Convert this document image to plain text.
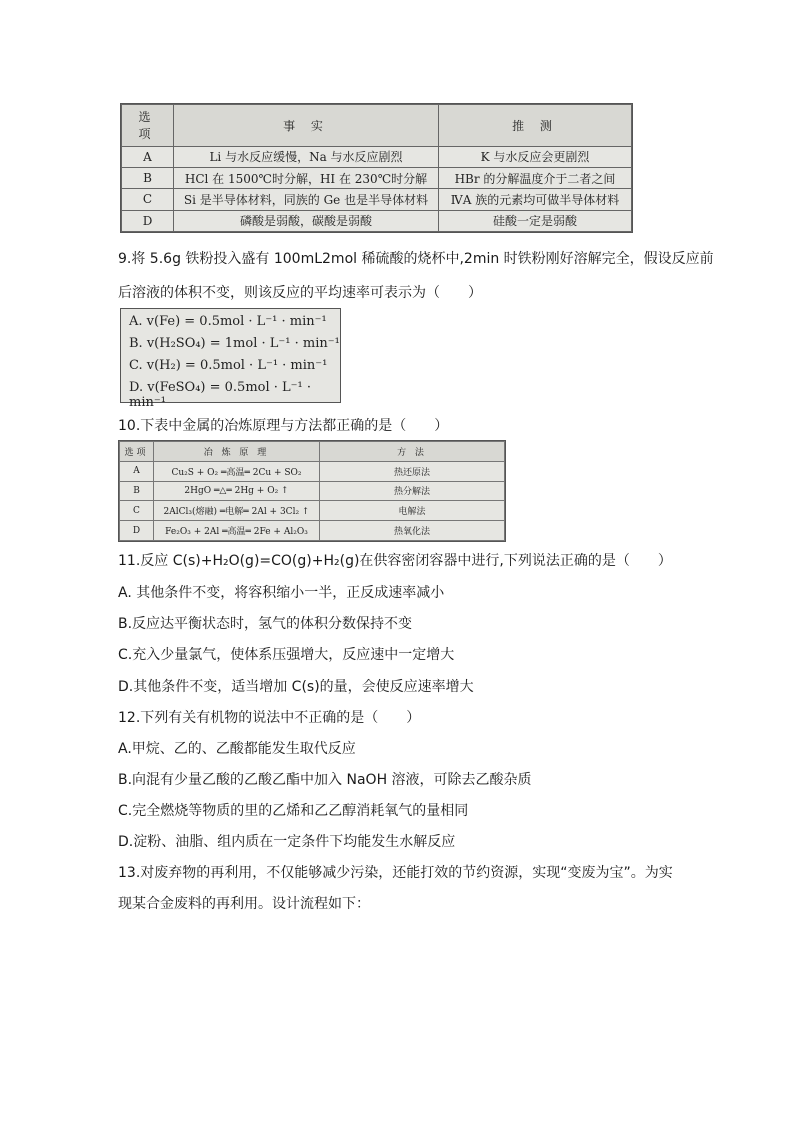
选 项	事 实	推 测
A	Li 与水反应缓慢，Na 与水反应剧烈	K 与水反应会更剧烈
B	HCl 在 1500℃时分解，HI 在 230℃时分解	HBr 的分解温度介于二者之间
C	Si 是半导体材料，同族的 Ge 也是半导体材料	ⅣA 族的元素均可做半导体材料
D	磷酸是弱酸，碳酸是弱酸	硅酸一定是弱酸
9.将 5.6g 铁粉投入盛有 100mL2mol 稀硫酸的烧杯中,2min 时铁粉刚好溶解完全，假设反应前
后溶液的体积不变，则该反应的平均速率可表示为（　　）
A. v(Fe) = 0.5mol · L⁻¹ · min⁻¹
B. v(H₂SO₄) = 1mol · L⁻¹ · min⁻¹
C. v(H₂) = 0.5mol · L⁻¹ · min⁻¹
D. v(FeSO₄) = 0.5mol · L⁻¹ · min⁻¹
10.下表中金属的冶炼原理与方法都正确的是（　　）
选项	冶 炼 原 理	方 法
A	Cu₂S + O₂ ═高温═ 2Cu + SO₂	热还原法
B	2HgO ═△═ 2Hg + O₂ ↑	热分解法
C	2AlCl₃(熔融) ═电解═ 2Al + 3Cl₂ ↑	电解法
D	Fe₂O₃ + 2Al ═高温═ 2Fe + Al₂O₃	热氧化法
11.反应 C(s)+H₂O(g)=CO(g)+H₂(g)在供容密闭容器中进行,下列说法正确的是（　　）
A. 其他条件不变，将容积缩小一半，正反成速率减小
B.反应达平衡状态时，氢气的体积分数保持不变
C.充入少量氯气，使体系压强增大，反应速中一定增大
D.其他条件不变，适当增加 C(s)的量，会使反应速率增大
12.下列有关有机物的说法中不正确的是（　　）
A.甲烷、乙的、乙酸都能发生取代反应
B.向混有少量乙酸的乙酸乙酯中加入 NaOH 溶液，可除去乙酸杂质
C.完全燃烧等物质的里的乙烯和乙乙醇消耗氧气的量相同
D.淀粉、油脂、组内质在一定条件下均能发生水解反应
13.对废弃物的再利用，不仅能够减少污染，还能打效的节约资源，实现“变废为宝”。为实
现某合金废料的再利用。设计流程如下：
